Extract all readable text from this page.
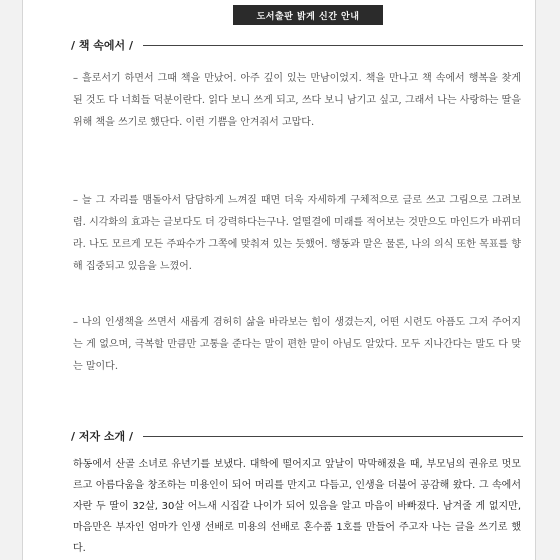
도서출판 밝게 신간 안내
/ 책 속에서 /

– 흘로서기 하면서 그때 책을 만났어. 아주 깊이 있는 만남이었지. 책을 만나고 책 속에서 행복을 찾게 된 것도 다 너희들 덕분이란다. 읽다 보니 쓰게 되고, 쓰다 보니 남기고 싶고, 그래서 나는 사랑하는 딸을 위해 책을 쓰기로 했단다. 이런 기쁨을 안겨줘서 고맙다.

– 늘 그 자리를 맴돌아서 담담하게 느껴질 때면 더욱 자세하게 구체적으로 글로 쓰고 그림으로 그려보렴. 시각화의 효과는 글보다도 더 강력하다는구나. 얼떨결에 미래를 적어보는 것만으도 마인드가 바뀌더라. 나도 모르게 모든 주파수가 그쪽에 맞춰져 있는 듯했어. 행동과 말은 물론, 나의 의식 또한 목표를 향해 집중되고 있음을 느꼈어.

– 나의 인생책을 쓰면서 새롭게 겸허히 삶을 바라보는 힘이 생겼는지, 어떤 시련도 아픔도 그저 주어지는 게 없으며, 극복할 만큼만 고통을 준다는 말이 편한 말이 아님도 알았다. 모두 지나간다는 말도 다 맞는 말이다.

/ 저자 소개 /

하동에서 산골 소녀로 유년기를 보냈다. 대학에 떨어지고 앞날이 막막해졌을 때, 부모님의 권유로 멋모르고 아름다움을 창조하는 미용인이 되어 머리를 만지고 다듬고, 인생을 더불어 공감해 왔다. 그 속에서 자란 두 딸이 32살, 30살 어느새 시집갈 나이가 되어 있음을 알고 마음이 바빠졌다. 남겨줄 게 없지만, 마음만은 부자인 엄마가 인생 선배로 미용의 선배로 혼수품 1호를 만들어 주고자 나는 글을 쓰기로 했다.
